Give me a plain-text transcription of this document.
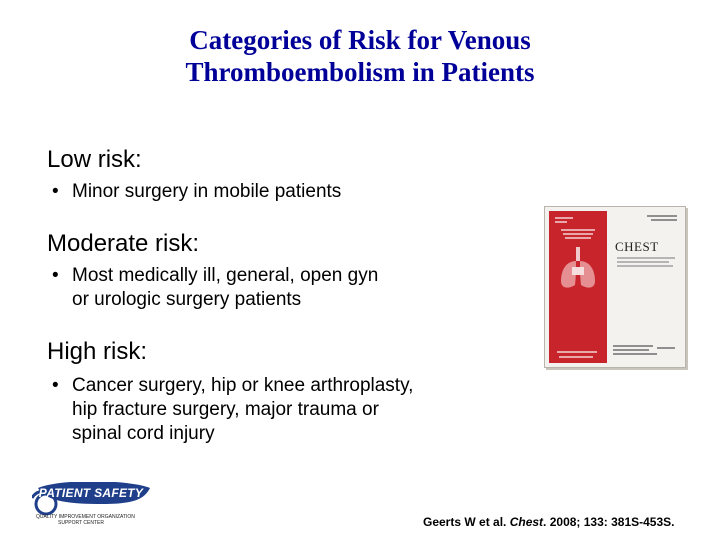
Categories of Risk for Venous
Thromboembolism in Patients
Low risk:
• Minor surgery in mobile patients
Moderate risk:
• Most medically ill, general, open gyn
or urologic surgery patients
High risk:
• Cancer surgery, hip or knee arthroplasty,
hip fracture surgery, major trauma or
spinal cord injury
CHEST
PATIENT SAFETY
QUALITY IMPROVEMENT ORGANIZATION
SUPPORT CENTER	Geerts W et al. Chest. 2008; 133: 381S-453S.
